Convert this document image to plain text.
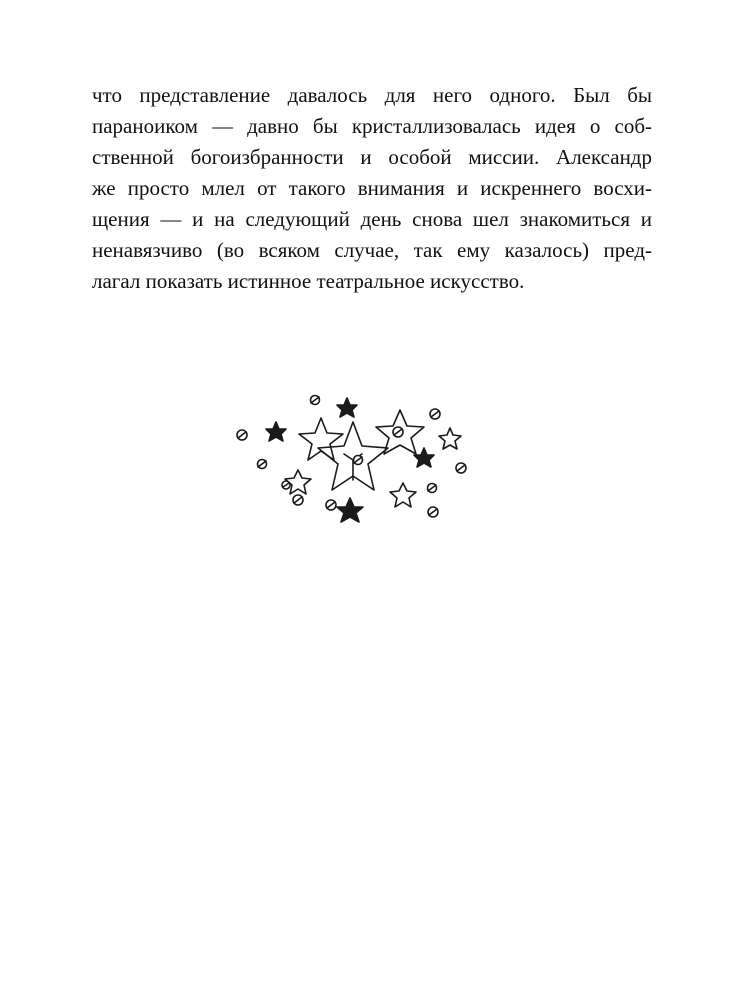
что представление давалось для него одного. Был бы
параноиком — давно бы кристаллизовалась идея о соб-
ственной богоизбранности и особой миссии. Александр
же просто млел от такого внимания и искреннего восхи-
щения — и на следующий день снова шел знакомиться и
ненавязчиво (во всяком случае, так ему казалось) пред-
лагал показать истинное театральное искусство.
